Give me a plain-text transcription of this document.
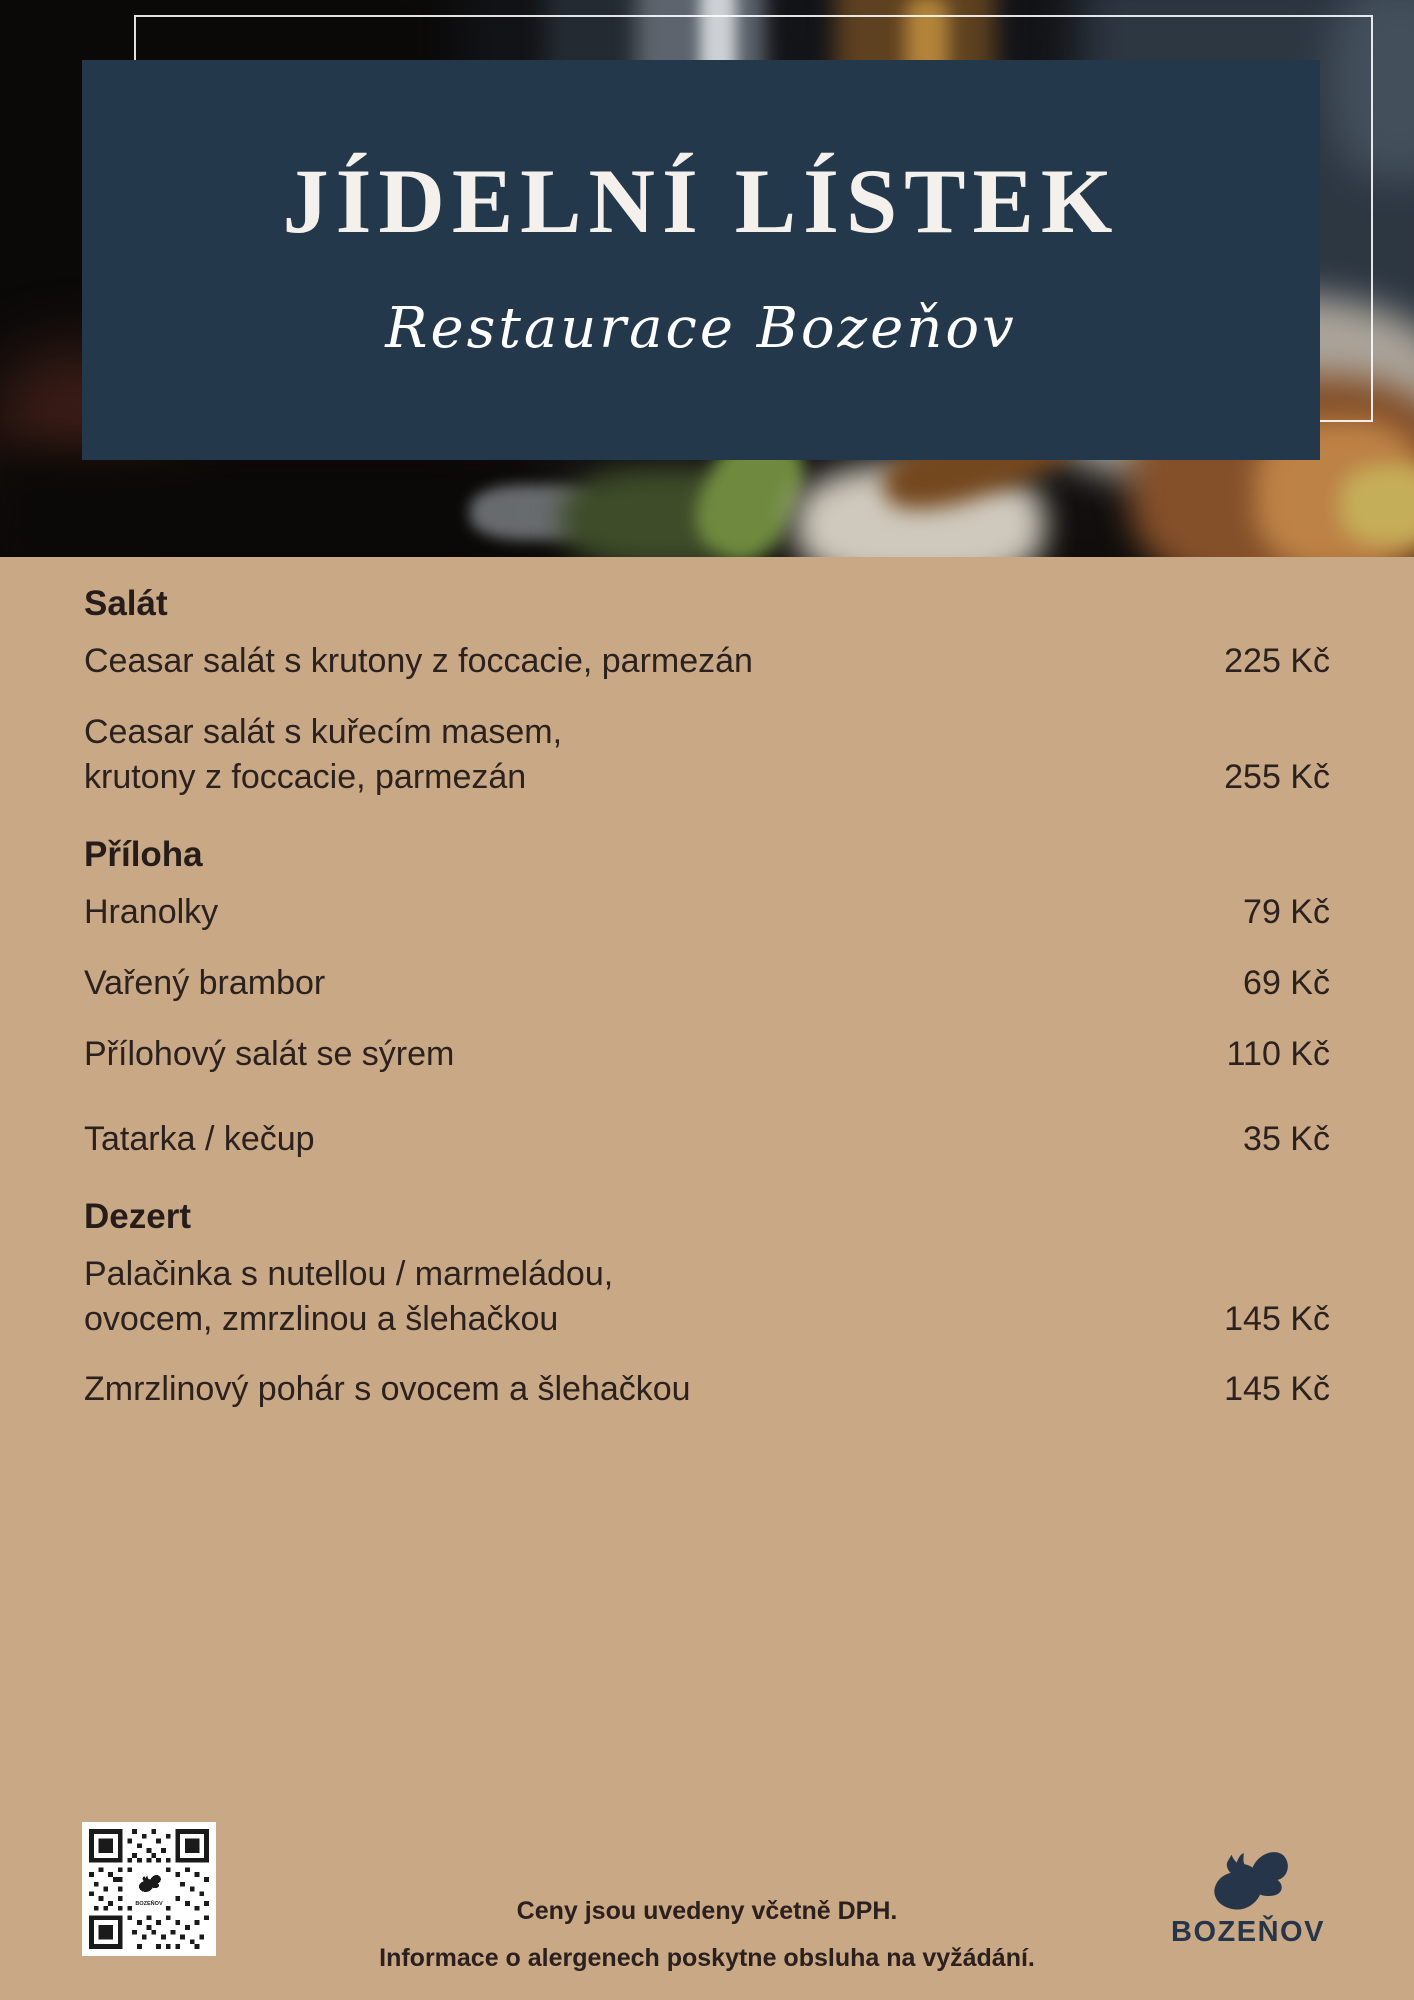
JÍDELNÍ LÍSTEK

Restaurace Bozeňov

Salát
Ceasar salát s krutony z foccacie, parmezán	225 Kč
Ceasar salát s kuřecím masem,
krutony z foccacie, parmezán	255 Kč
Příloha
Hranolky	79 Kč
Vařený brambor	69 Kč
Přílohový salát se sýrem	110 Kč
Tatarka / kečup	35 Kč
Dezert
Palačinka s nutellou / marmeládou,
ovocem, zmrzlinou a šlehačkou	145 Kč
Zmrzlinový pohár s ovocem a šlehačkou	145 Kč
BOZEŇOV	Ceny jsou uvedeny včetně DPH.
Informace o alergenech poskytne obsluha na vyžádání.
BOZEŇOV
